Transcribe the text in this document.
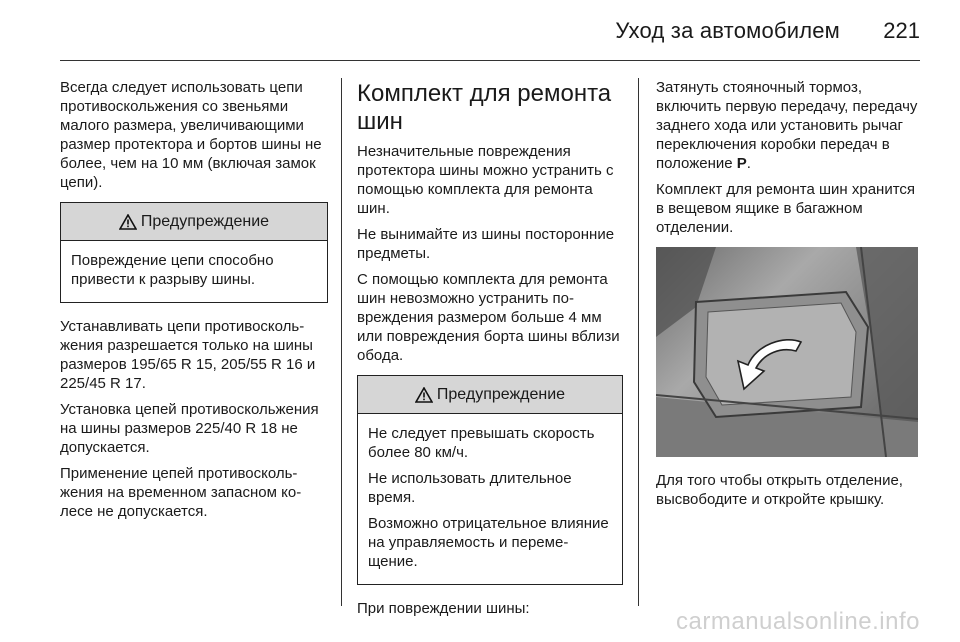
Уход за автомобилем 221

Всегда следует использовать цепи противоскольжения со звеньями малого размера, увеличивающими размер протектора и бортов шины не более, чем на 10 мм (включая замок цепи).

Предупреждение

Повреждение цепи способно привести к разрыву шины.

Устанавливать цепи противоскольжения разрешается только на шины размеров 195/65 R 15, 205/55 R 16 и 225/45 R 17.

Установка цепей противоскольжения на шины размеров 225/40 R 18 не допускается.

Применение цепей противоскольжения на временном запасном колесе не допускается.

Комплект для ремонта шин

Незначительные повреждения протектора шины можно устранить с помощью комплекта для ремонта шин.

Не вынимайте из шины посторонние предметы.

С помощью комплекта для ремонта шин невозможно устранить повреждения размером больше 4 мм или повреждения борта шины вблизи обода.

Предупреждение

Не следует превышать скорость более 80 км/ч.

Не использовать длительное время.

Возможно отрицательное влияние на управляемость и перемещение.

При повреждении шины:

Затянуть стояночный тормоз, включить первую передачу, передачу заднего хода или установить рычаг переключения коробки передач в положение P.

Комплект для ремонта шин хранится в вещевом ящике в багажном отделении.

Для того чтобы открыть отделение, высвободите и откройте крышку.

carmanualsonline.info
